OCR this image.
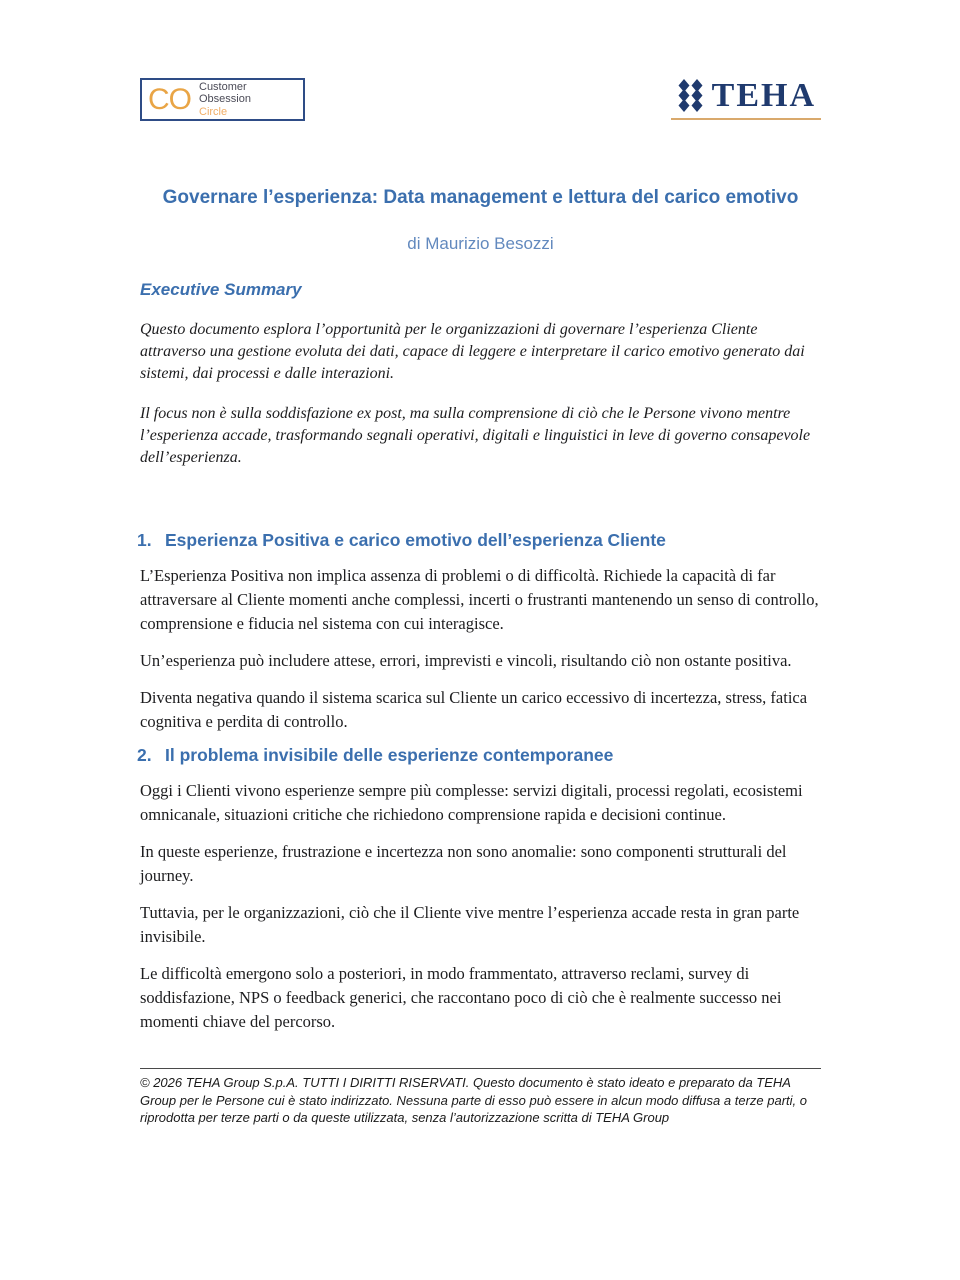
CO Customer Obsession
Circle	TEHA
Governare l’esperienza: Data management e lettura del carico emotivo

di Maurizio Besozzi

Executive Summary

Questo documento esplora l’opportunità per le organizzazioni di governare l’esperienza Cliente attraverso una gestione evoluta dei dati, capace di leggere e interpretare il carico emotivo generato dai sistemi, dai processi e dalle interazioni.

Il focus non è sulla soddisfazione ex post, ma sulla comprensione di ciò che le Persone vivono mentre l’esperienza accade, trasformando segnali operativi, digitali e linguistici in leve di governo consapevole dell’esperienza.

1. Esperienza Positiva e carico emotivo dell’esperienza Cliente

L’Esperienza Positiva non implica assenza di problemi o di difficoltà. Richiede la capacità di far attraversare al Cliente momenti anche complessi, incerti o frustranti mantenendo un senso di controllo, comprensione e fiducia nel sistema con cui interagisce.

Un’esperienza può includere attese, errori, imprevisti e vincoli, risultando ciò non ostante positiva.

Diventa negativa quando il sistema scarica sul Cliente un carico eccessivo di incertezza, stress, fatica cognitiva e perdita di controllo.

2. Il problema invisibile delle esperienze contemporanee

Oggi i Clienti vivono esperienze sempre più complesse: servizi digitali, processi regolati, ecosistemi omnicanale, situazioni critiche che richiedono comprensione rapida e decisioni continue.

In queste esperienze, frustrazione e incertezza non sono anomalie: sono componenti strutturali del journey.

Tuttavia, per le organizzazioni, ciò che il Cliente vive mentre l’esperienza accade resta in gran parte invisibile.

Le difficoltà emergono solo a posteriori, in modo frammentato, attraverso reclami, survey di soddisfazione, NPS o feedback generici, che raccontano poco di ciò che è realmente successo nei momenti chiave del percorso.

© 2026 TEHA Group S.p.A. TUTTI I DIRITTI RISERVATI. Questo documento è stato ideato e preparato da TEHA Group per le Persone cui è stato indirizzato. Nessuna parte di esso può essere in alcun modo diffusa a terze parti, o riprodotta per terze parti o da queste utilizzata, senza l’autorizzazione scritta di TEHA Group
